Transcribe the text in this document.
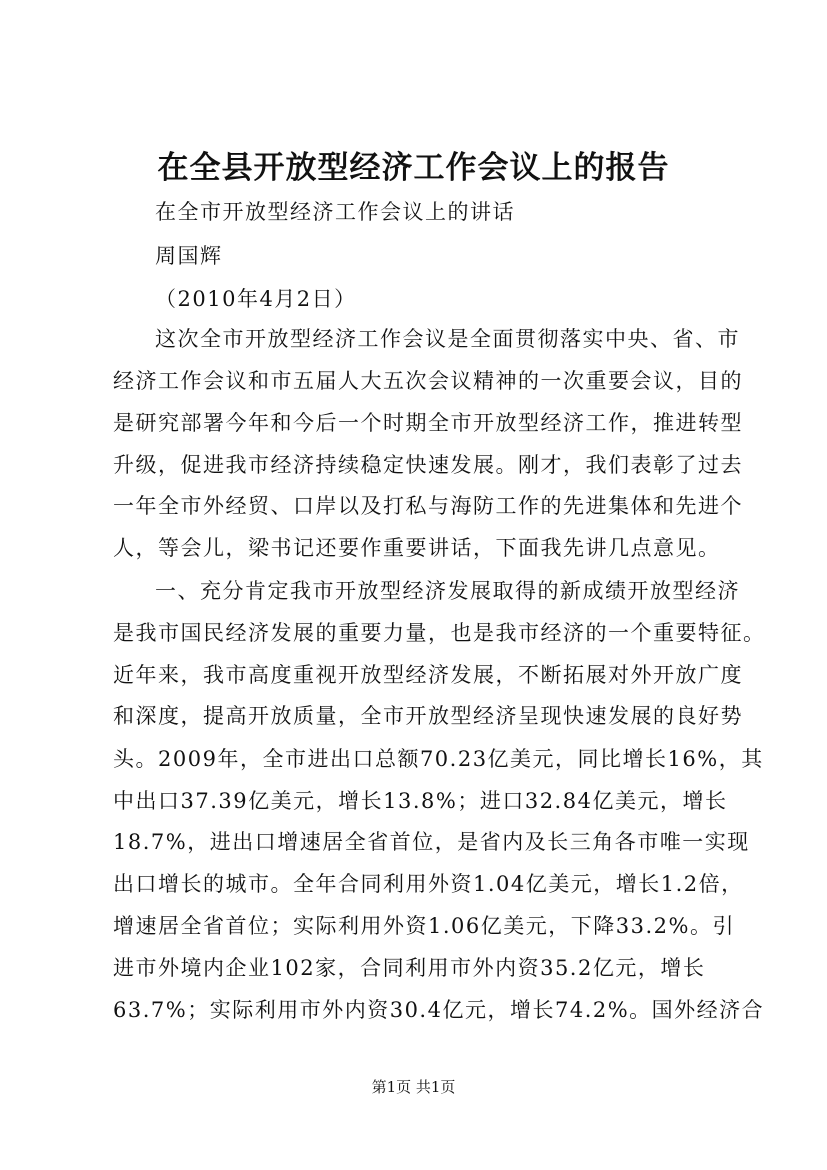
在全县开放型经济工作会议上的报告
在全市开放型经济工作会议上的讲话
周国辉
（2010年4月2日）
这次全市开放型经济工作会议是全面贯彻落实中央、省、市
经济工作会议和市五届人大五次会议精神的一次重要会议，目的
是研究部署今年和今后一个时期全市开放型经济工作，推进转型
升级，促进我市经济持续稳定快速发展。刚才，我们表彰了过去
一年全市外经贸、口岸以及打私与海防工作的先进集体和先进个
人，等会儿，梁书记还要作重要讲话，下面我先讲几点意见。
一、充分肯定我市开放型经济发展取得的新成绩开放型经济
是我市国民经济发展的重要力量，也是我市经济的一个重要特征。
近年来，我市高度重视开放型经济发展，不断拓展对外开放广度
和深度，提高开放质量，全市开放型经济呈现快速发展的良好势
头。2009年，全市进出口总额70.23亿美元，同比增长16%，其
中出口37.39亿美元，增长13.8%；进口32.84亿美元，增长
18.7%，进出口增速居全省首位，是省内及长三角各市唯一实现
出口增长的城市。全年合同利用外资1.04亿美元，增长1.2倍，
增速居全省首位；实际利用外资1.06亿美元，下降33.2%。引
进市外境内企业102家，合同利用市外内资35.2亿元，增长
63.7%；实际利用市外内资30.4亿元，增长74.2%。国外经济合
第1页 共1页
